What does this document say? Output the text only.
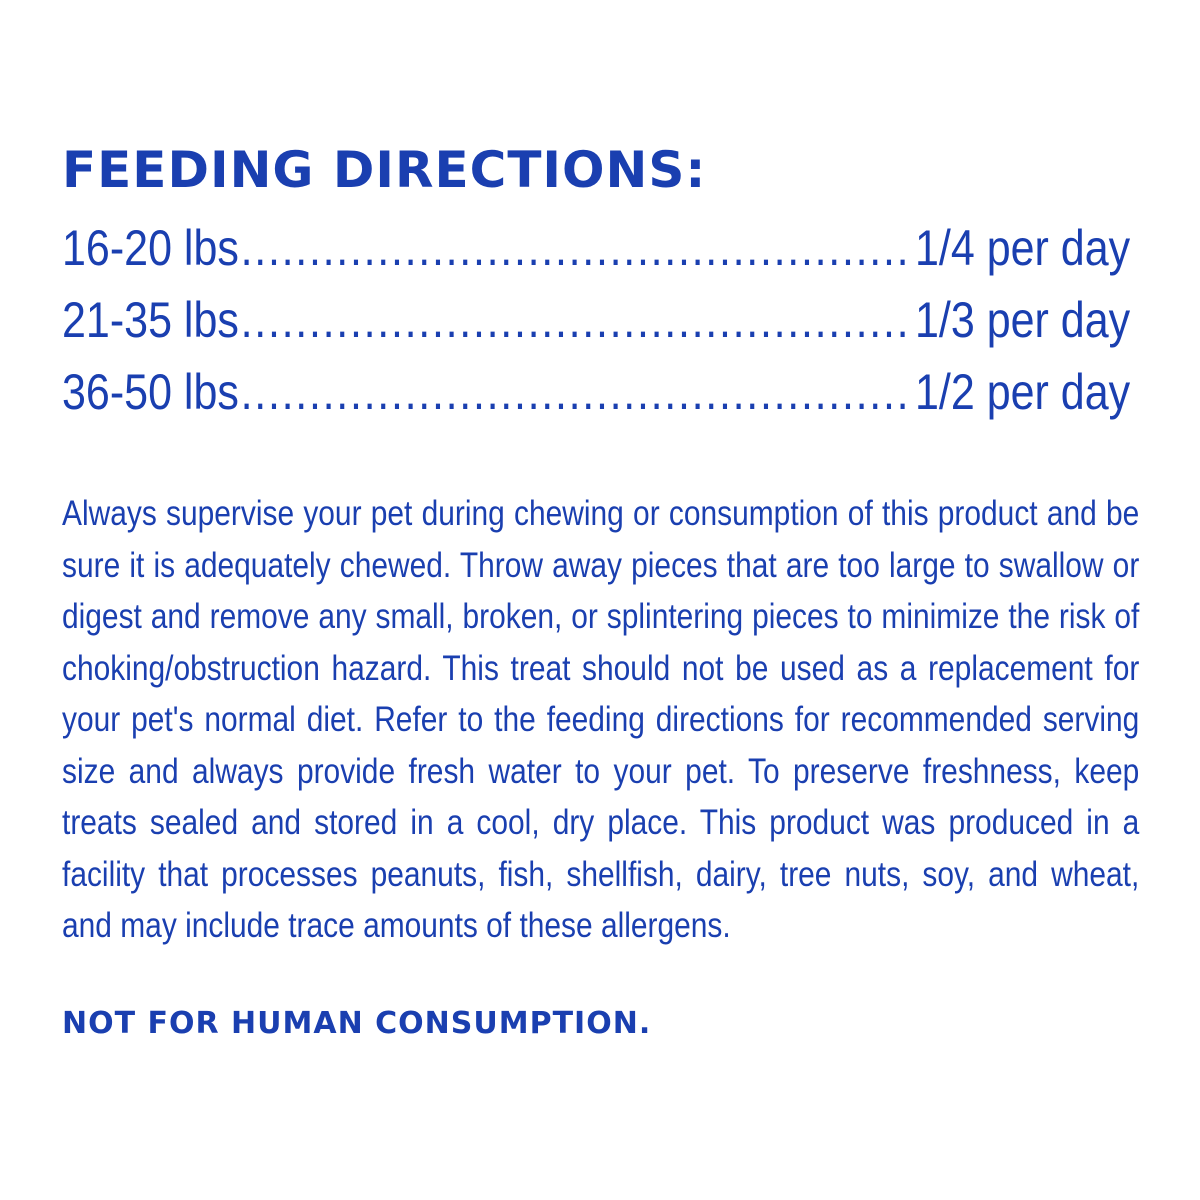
FEEDING DIRECTIONS:
16-20 lbs .....	1/4 per day
21-35 lbs .....	1/3 per day
36-50 lbs .....	1/2 per day

Always supervise your pet during chewing or consumption of this product and be sure it is adequately chewed. Throw away pieces that are too large to swallow or digest and remove any small, broken, or splintering pieces to minimize the risk of choking/obstruction hazard. This treat should not be used as a replacement for your pet's normal diet. Refer to the feeding directions for recommended serving size and always provide fresh water to your pet. To preserve freshness, keep treats sealed and stored in a cool, dry place. This product was produced in a facility that processes peanuts, fish, shellfish, dairy, tree nuts, soy, and wheat, and may include trace amounts of these allergens.

NOT FOR HUMAN CONSUMPTION.
